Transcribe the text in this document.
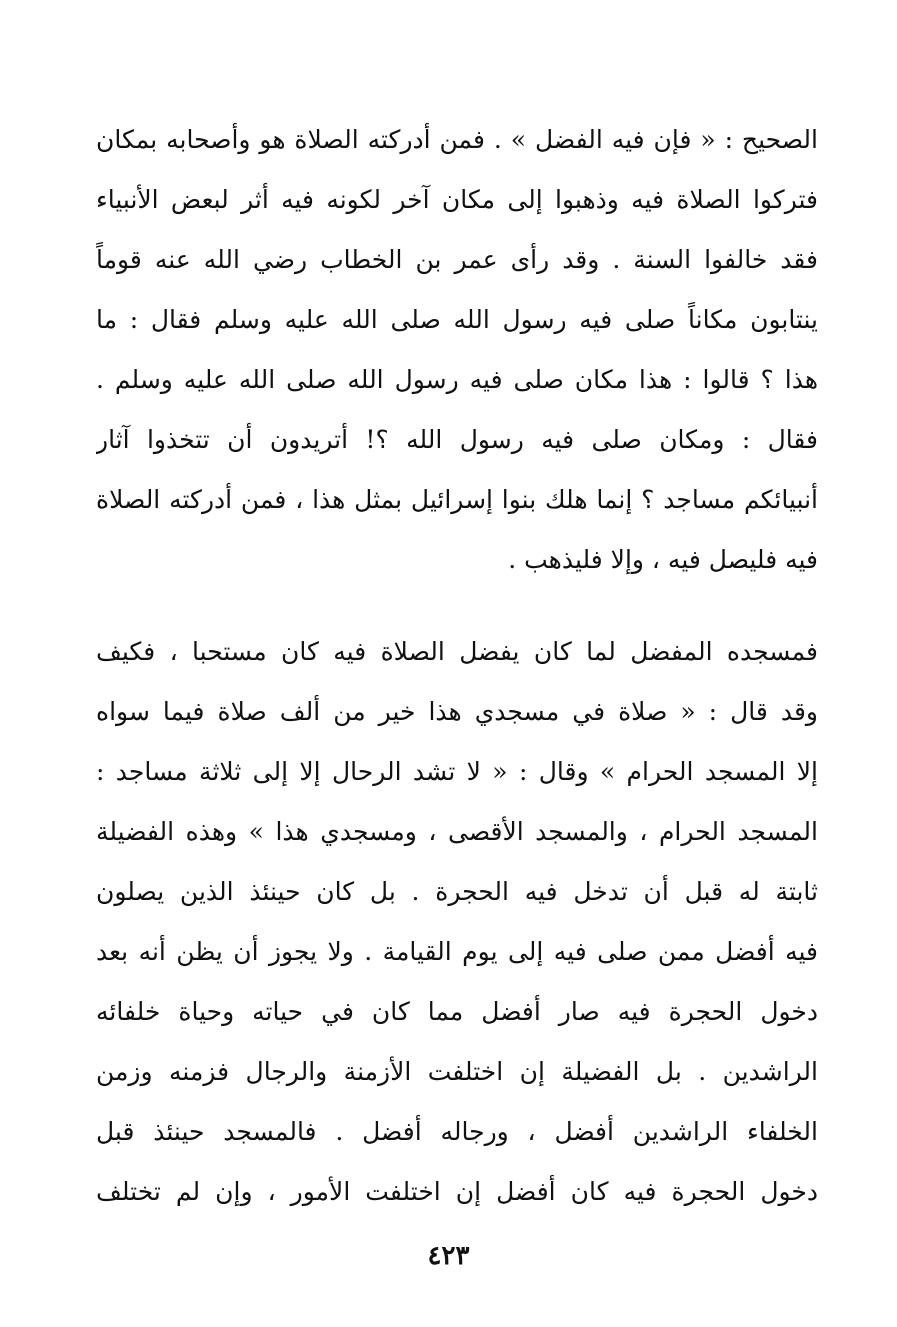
الصحيح : « فإن فيه الفضل » . فمن أدركته الصلاة هو وأصحابه بمكان
فتركوا الصلاة فيه وذهبوا إلى مكان آخر لكونه فيه أثر لبعض الأنبياء
فقد خالفوا السنة . وقد رأى عمر بن الخطاب رضي الله عنه قوماً
ينتابون مكاناً صلى فيه رسول الله صلى الله عليه وسلم فقال : ما
هذا ؟ قالوا : هذا مكان صلى فيه رسول الله صلى الله عليه وسلم .
فقال : ومكان صلى فيه رسول الله ؟! أتريدون أن تتخذوا آثار
أنبيائكم مساجد ؟ إنما هلك بنوا إسرائيل بمثل هذا ، فمن أدركته الصلاة
فيه فليصل فيه ، وإلا فليذهب .
فمسجده المفضل لما كان يفضل الصلاة فيه كان مستحبا ، فكيف
وقد قال : « صلاة في مسجدي هذا خير من ألف صلاة فيما سواه
إلا المسجد الحرام » وقال : « لا تشد الرحال إلا إلى ثلاثة مساجد :
المسجد الحرام ، والمسجد الأقصى ، ومسجدي هذا » وهذه الفضيلة
ثابتة له قبل أن تدخل فيه الحجرة . بل كان حينئذ الذين يصلون
فيه أفضل ممن صلى فيه إلى يوم القيامة . ولا يجوز أن يظن أنه بعد
دخول الحجرة فيه صار أفضل مما كان في حياته وحياة خلفائه
الراشدين . بل الفضيلة إن اختلفت الأزمنة والرجال فزمنه وزمن
الخلفاء الراشدين أفضل ، ورجاله أفضل . فالمسجد حينئذ قبل
دخول الحجرة فيه كان أفضل إن اختلفت الأمور ، وإن لم تختلف
٤٢٣
